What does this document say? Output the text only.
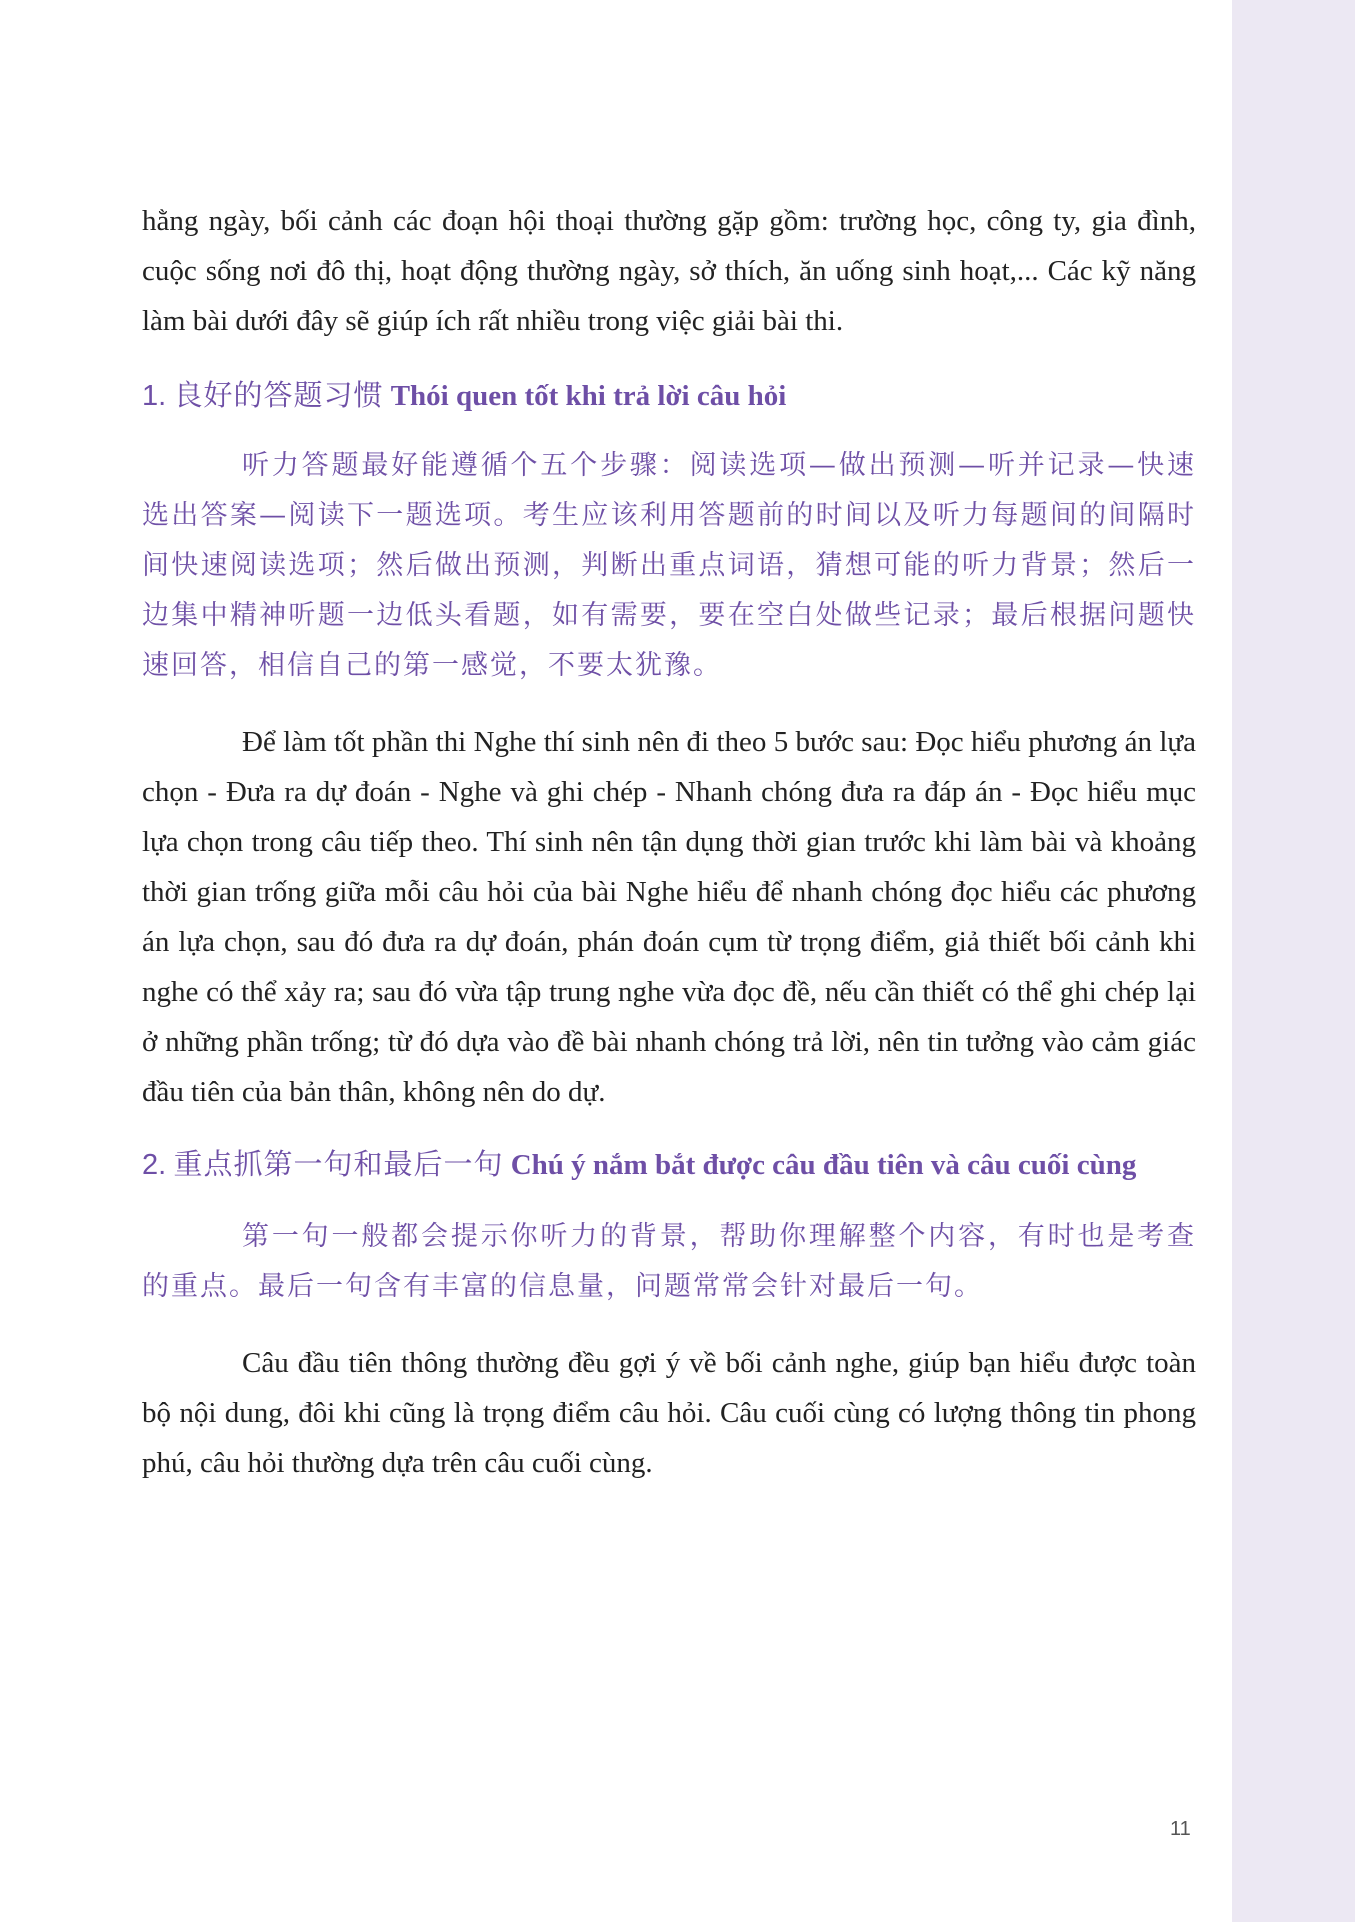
hằng ngày, bối cảnh các đoạn hội thoại thường gặp gồm: trường học, công ty, gia đình, cuộc sống nơi đô thị, hoạt động thường ngày, sở thích, ăn uống sinh hoạt,... Các kỹ năng làm bài dưới đây sẽ giúp ích rất nhiều trong việc giải bài thi.

1. 良好的答题习惯 Thói quen tốt khi trả lời câu hỏi

听力答题最好能遵循个五个步骤：阅读选项—做出预测—听并记录—快速选出答案—阅读下一题选项。考生应该利用答题前的时间以及听力每题间的间隔时间快速阅读选项；然后做出预测，判断出重点词语，猜想可能的听力背景；然后一边集中精神听题一边低头看题，如有需要，要在空白处做些记录；最后根据问题快速回答，相信自己的第一感觉，不要太犹豫。

Để làm tốt phần thi Nghe thí sinh nên đi theo 5 bước sau: Đọc hiểu phương án lựa chọn - Đưa ra dự đoán - Nghe và ghi chép - Nhanh chóng đưa ra đáp án - Đọc hiểu mục lựa chọn trong câu tiếp theo. Thí sinh nên tận dụng thời gian trước khi làm bài và khoảng thời gian trống giữa mỗi câu hỏi của bài Nghe hiểu để nhanh chóng đọc hiểu các phương án lựa chọn, sau đó đưa ra dự đoán, phán đoán cụm từ trọng điểm, giả thiết bối cảnh khi nghe có thể xảy ra; sau đó vừa tập trung nghe vừa đọc đề, nếu cần thiết có thể ghi chép lại ở những phần trống; từ đó dựa vào đề bài nhanh chóng trả lời, nên tin tưởng vào cảm giác đầu tiên của bản thân, không nên do dự.

2. 重点抓第一句和最后一句 Chú ý nắm bắt được câu đầu tiên và câu cuối cùng

第一句一般都会提示你听力的背景，帮助你理解整个内容，有时也是考查的重点。最后一句含有丰富的信息量，问题常常会针对最后一句。

Câu đầu tiên thông thường đều gợi ý về bối cảnh nghe, giúp bạn hiểu được toàn bộ nội dung, đôi khi cũng là trọng điểm câu hỏi. Câu cuối cùng có lượng thông tin phong phú, câu hỏi thường dựa trên câu cuối cùng.

11
